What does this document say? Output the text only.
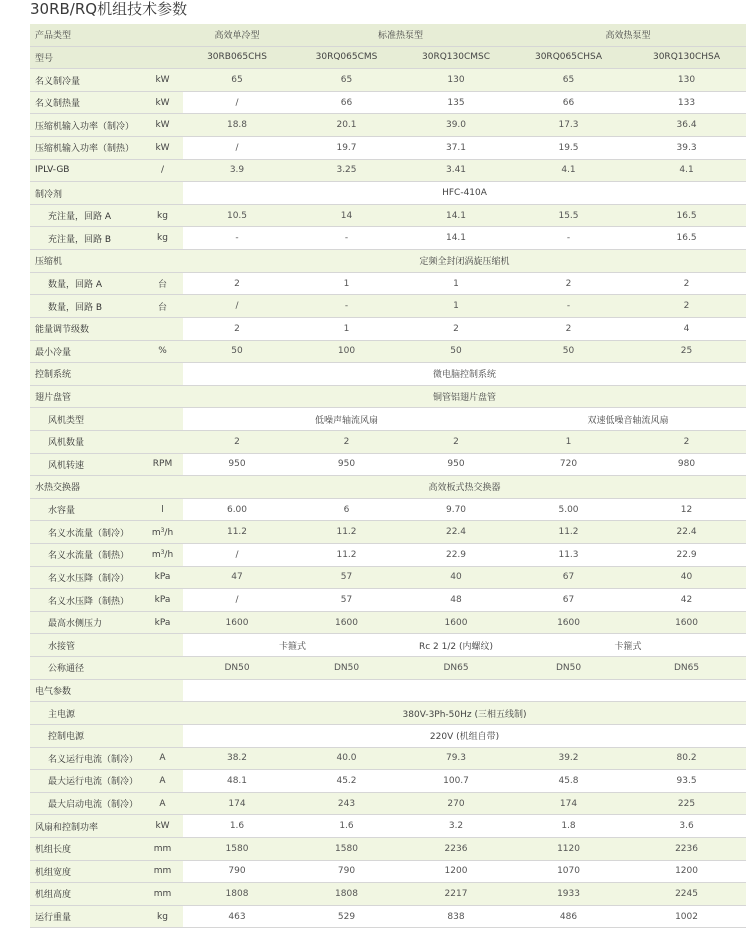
30RB/RQ机组技术参数
产品类型		高效单冷型	标准热泵型		高效热泵型	
型号		30RB065CHS	30RQ065CMS	30RQ130CMSC	30RQ065CHSA	30RQ130CHSA
名义制冷量	kW	65	65	130	65	130
名义制热量	kW	/	66	135	66	133
压缩机输入功率（制冷）	kW	18.8	20.1	39.0	17.3	36.4
压缩机输入功率（制热）	kW	/	19.7	37.1	19.5	39.3
IPLV-GB	/	3.9	3.25	3.41	4.1	4.1
制冷剂		HFC-410A				
充注量，回路 A	kg	10.5	14	14.1	15.5	16.5
充注量，回路 B	kg	-	-	14.1	-	16.5
压缩机		定频全封闭涡旋压缩机				
数量，回路 A	台	2	1	1	2	2
数量，回路 B	台	/	-	1	-	2
能量调节级数		2	1	2	2	4
最小冷量	%	50	100	50	50	25
控制系统		微电脑控制系统				
翅片盘管		铜管铝翅片盘管				
风机类型		低噪声轴流风扇			双速低噪音轴流风扇	
风机数量		2	2	2	1	2
风机转速	RPM	950	950	950	720	980
水热交换器		高效板式热交换器				
水容量	l	6.00	6	9.70	5.00	12
名义水流量（制冷）	$m^3/h$	11.2	11.2	22.4	11.2	22.4
名义水流量（制热）	$m^3/h$	/	11.2	22.9	11.3	22.9
名义水压降（制冷）	kPa	47	57	40	67	40
名义水压降（制热）	kPa	/	57	48	67	42
最高水侧压力	kPa	1600	1600	1600	1600	1600
水接管		卡箍式		Rc 2 1/2 (内螺纹)	卡箍式	
公称通径		DN50	DN50	DN65	DN50	DN65
电气参数						
主电源		380V-3Ph-50Hz (三相五线制)				
控制电源		220V (机组自带)				
名义运行电流（制冷）	A	38.2	40.0	79.3	39.2	80.2
最大运行电流（制冷）	A	48.1	45.2	100.7	45.8	93.5
最大启动电流（制冷）	A	174	243	270	174	225
风扇和控制功率	kW	1.6	1.6	3.2	1.8	3.6
机组长度	mm	1580	1580	2236	1120	2236
机组宽度	mm	790	790	1200	1070	1200
机组高度	mm	1808	1808	2217	1933	2245
运行重量	kg	463	529	838	486	1002
